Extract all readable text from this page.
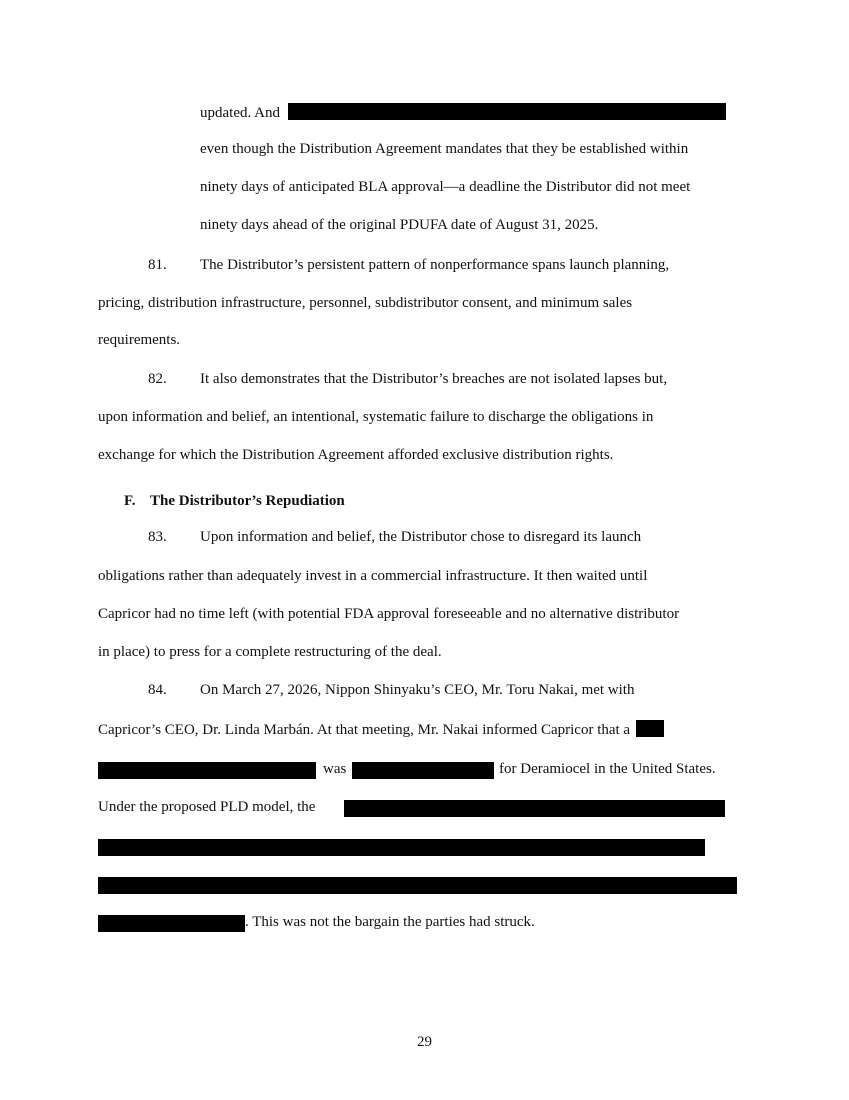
updated. And
even though the Distribution Agreement mandates that they be established within
ninety days of anticipated BLA approval—a deadline the Distributor did not meet
ninety days ahead of the original PDUFA date of August 31, 2025.
81. The Distributor’s persistent pattern of nonperformance spans launch planning,
pricing, distribution infrastructure, personnel, subdistributor consent, and minimum sales
requirements.
82. It also demonstrates that the Distributor’s breaches are not isolated lapses but,
upon information and belief, an intentional, systematic failure to discharge the obligations in
exchange for which the Distribution Agreement afforded exclusive distribution rights.
F. The Distributor’s Repudiation
83. Upon information and belief, the Distributor chose to disregard its launch
obligations rather than adequately invest in a commercial infrastructure. It then waited until
Capricor had no time left (with potential FDA approval foreseeable and no alternative distributor
in place) to press for a complete restructuring of the deal.
84. On March 27, 2026, Nippon Shinyaku’s CEO, Mr. Toru Nakai, met with
Capricor’s CEO, Dr. Linda Marbán. At that meeting, Mr. Nakai informed Capricor that a
was	for Deramiocel in the United States.
Under the proposed PLD model, the
. This was not the bargain the parties had struck.
29
